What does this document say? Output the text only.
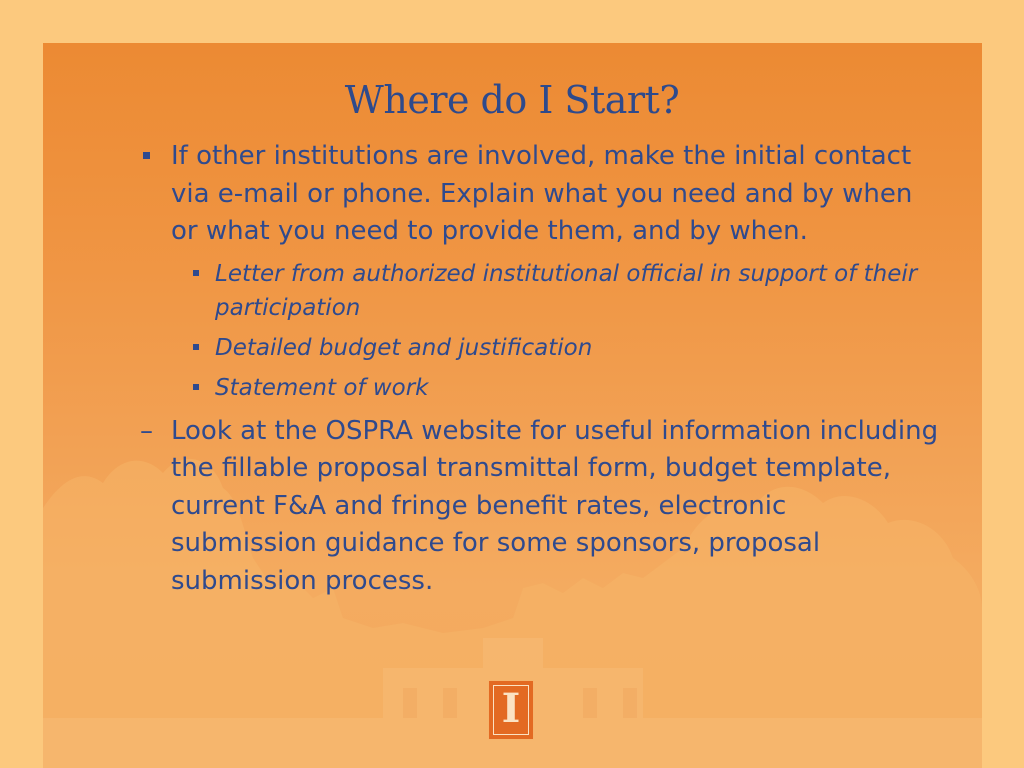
Where do I Start?

If other institutions are involved, make the initial contact via e-mail or phone. Explain what you need and by when or what you need to provide them, and by when.

Letter from authorized institutional official in support of their participation

Detailed budget and justification

Statement of work

– Look at the OSPRA website for useful information including the fillable proposal transmittal form, budget template, current F&A and fringe benefit rates, electronic submission guidance for some sponsors, proposal submission process.

I
